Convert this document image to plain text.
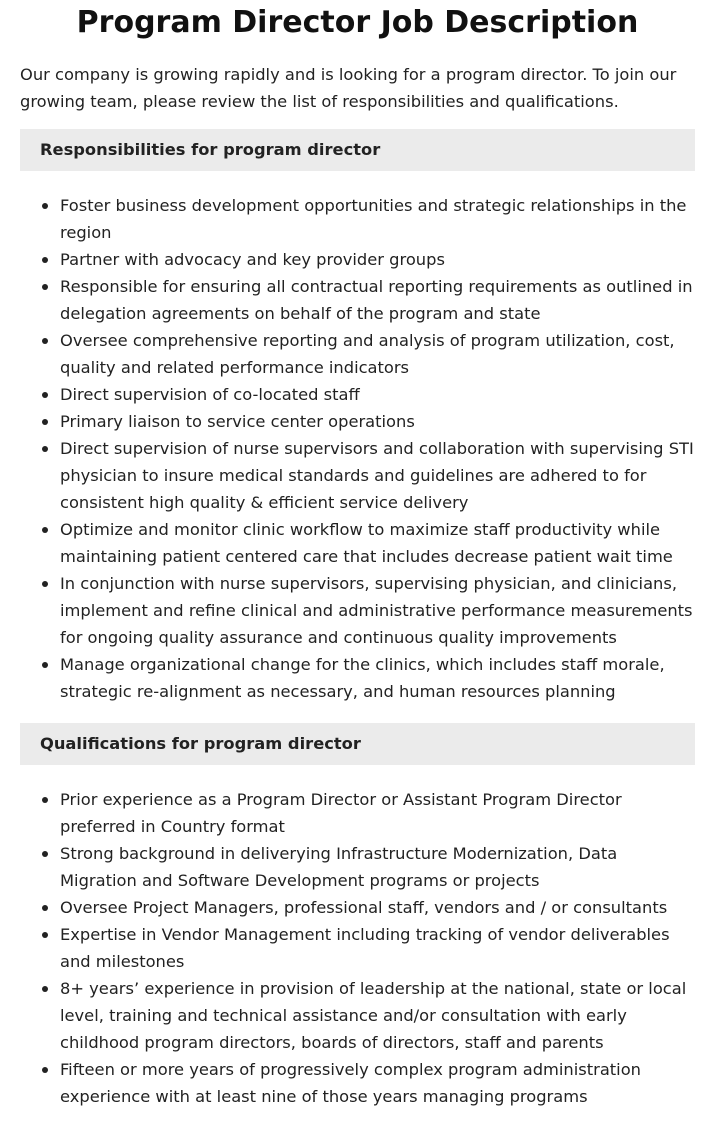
Program Director Job Description

Our company is growing rapidly and is looking for a program director. To join our growing team, please review the list of responsibilities and qualifications.

Responsibilities for program director
Foster business development opportunities and strategic relationships in the region
Partner with advocacy and key provider groups
Responsible for ensuring all contractual reporting requirements as outlined in delegation agreements on behalf of the program and state
Oversee comprehensive reporting and analysis of program utilization, cost, quality and related performance indicators
Direct supervision of co-located staff
Primary liaison to service center operations
Direct supervision of nurse supervisors and collaboration with supervising STI physician to insure medical standards and guidelines are adhered to for consistent high quality & efficient service delivery
Optimize and monitor clinic workflow to maximize staff productivity while maintaining patient centered care that includes decrease patient wait time
In conjunction with nurse supervisors, supervising physician, and clinicians, implement and refine clinical and administrative performance measurements for ongoing quality assurance and continuous quality improvements
Manage organizational change for the clinics, which includes staff morale, strategic re-alignment as necessary, and human resources planning
Qualifications for program director
Prior experience as a Program Director or Assistant Program Director preferred in Country format
Strong background in deliverying Infrastructure Modernization, Data Migration and Software Development programs or projects
Oversee Project Managers, professional staff, vendors and / or consultants
Expertise in Vendor Management including tracking of vendor deliverables and milestones
8+ years’ experience in provision of leadership at the national, state or local level, training and technical assistance and/or consultation with early childhood program directors, boards of directors, staff and parents
Fifteen or more years of progressively complex program administration experience with at least nine of those years managing programs
